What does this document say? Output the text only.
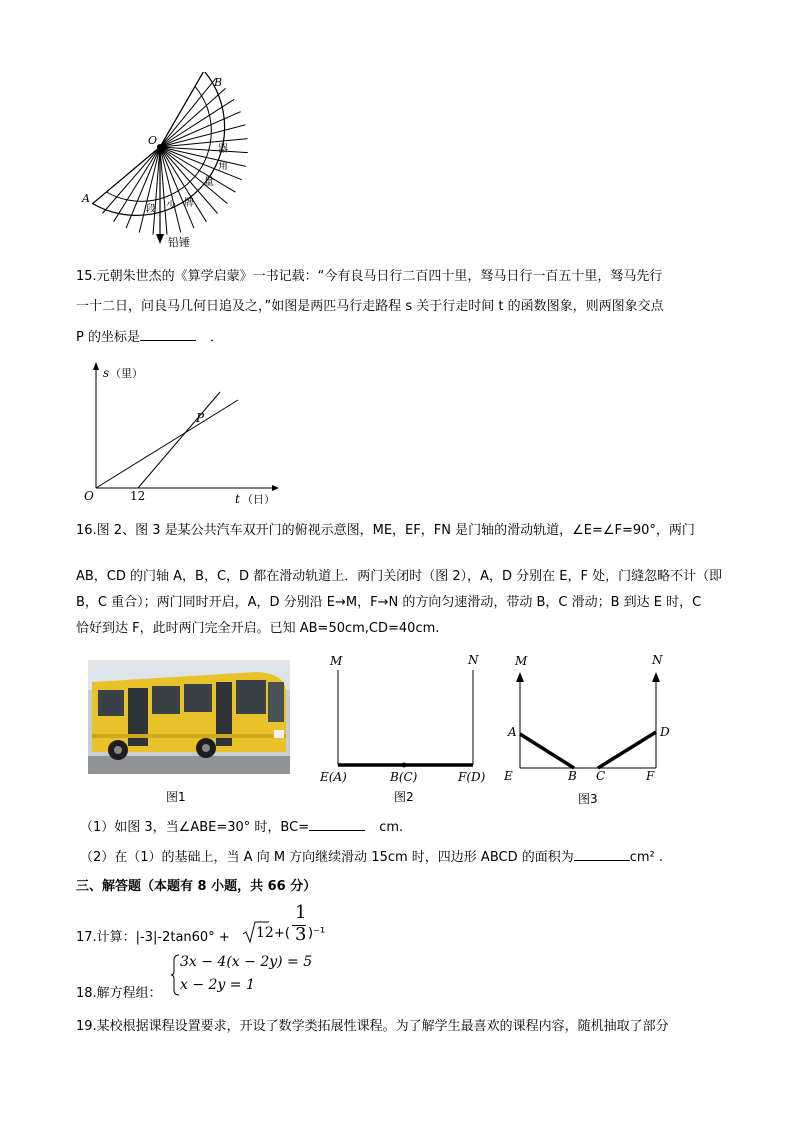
B
O
A
器
角
量
段 少 牌
铅锤
15.元朝朱世杰的《算学启蒙》一书记载：“今有良马日行二百四十里，驽马日行一百五十里，驽马先行
一十二日，问良马几何日追及之，”如图是两匹马行走路程 s 关于行走时间 t 的函数图象，则两图象交点
P 的坐标是	．
s （里）
t （日）
O	12
P
16.图 2、图 3 是某公共汽车双开门的俯视示意图，ME，EF，FN 是门轴的滑动轨道，∠E=∠F=90°，两门
AB，CD 的门轴 A，B，C，D 都在滑动轨道上．两门关闭时（图 2），A，D 分别在 E，F 处，门缝忽略不计（即
B，C 重合）；两门同时开启，A，D 分别沿 E→M，F→N 的方向匀速滑动，带动 B，C 滑动；B 到达 E 时，C
恰好到达 F，此时两门完全开启。已知 AB=50cm,CD=40cm.
图1
M	N
E(A)	B(C)	F(D)
图2
M	N
A	D
E	B C	F
图3
（1）如图 3，当∠ABE=30° 时，BC=	cm.
（2）在（1）的基础上，当 A 向 M 方向继续滑动 15cm 时，四边形 ABCD 的面积为	cm² .
三、解答题（本题有 8 小题，共 66 分）
17.计算：|-3|-2tan60° + 12 +(
1
3 )⁻¹
18.解方程组：
3x − 4(x − 2y) = 5
x − 2y = 1
19.某校根据课程设置要求，开设了数学类拓展性课程。为了解学生最喜欢的课程内容，随机抽取了部分
